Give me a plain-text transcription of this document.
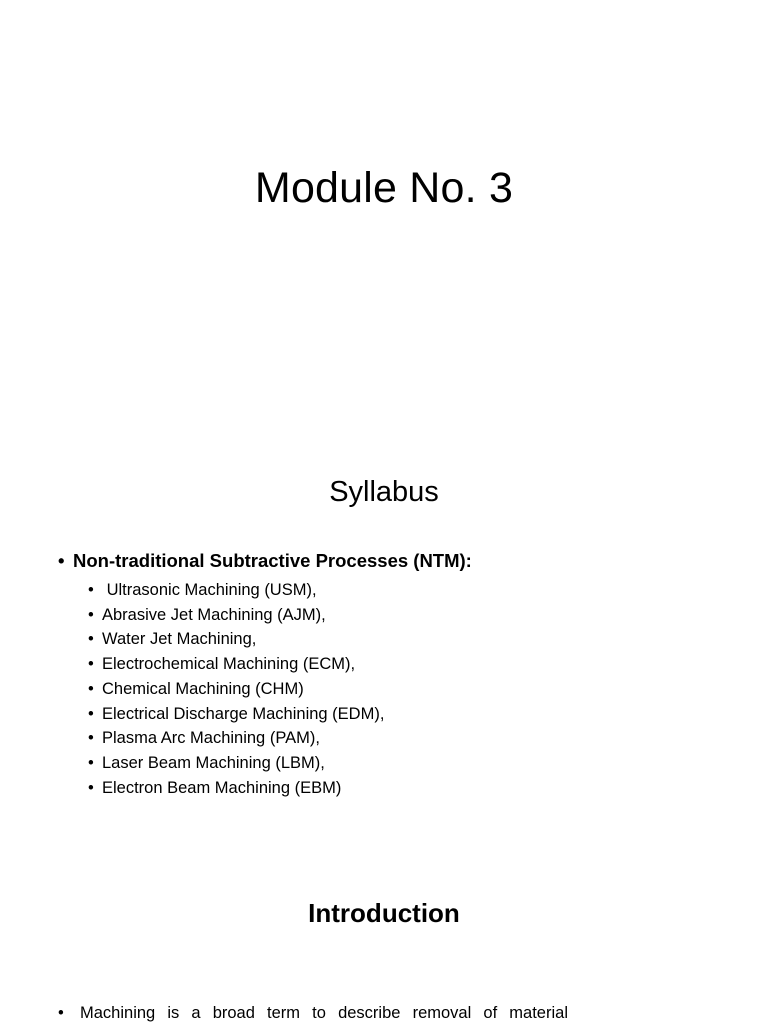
Module No. 3
Syllabus

• Non-traditional Subtractive Processes (NTM):

• Ultrasonic Machining (USM),
• Abrasive Jet Machining (AJM),
• Water Jet Machining,
• Electrochemical Machining (ECM),
• Chemical Machining (CHM)
• Electrical Discharge Machining (EDM),
• Plasma Arc Machining (PAM),
• Laser Beam Machining (LBM),
• Electron Beam Machining (EBM)
Introduction

• Machining is a broad term to describe removal of material
